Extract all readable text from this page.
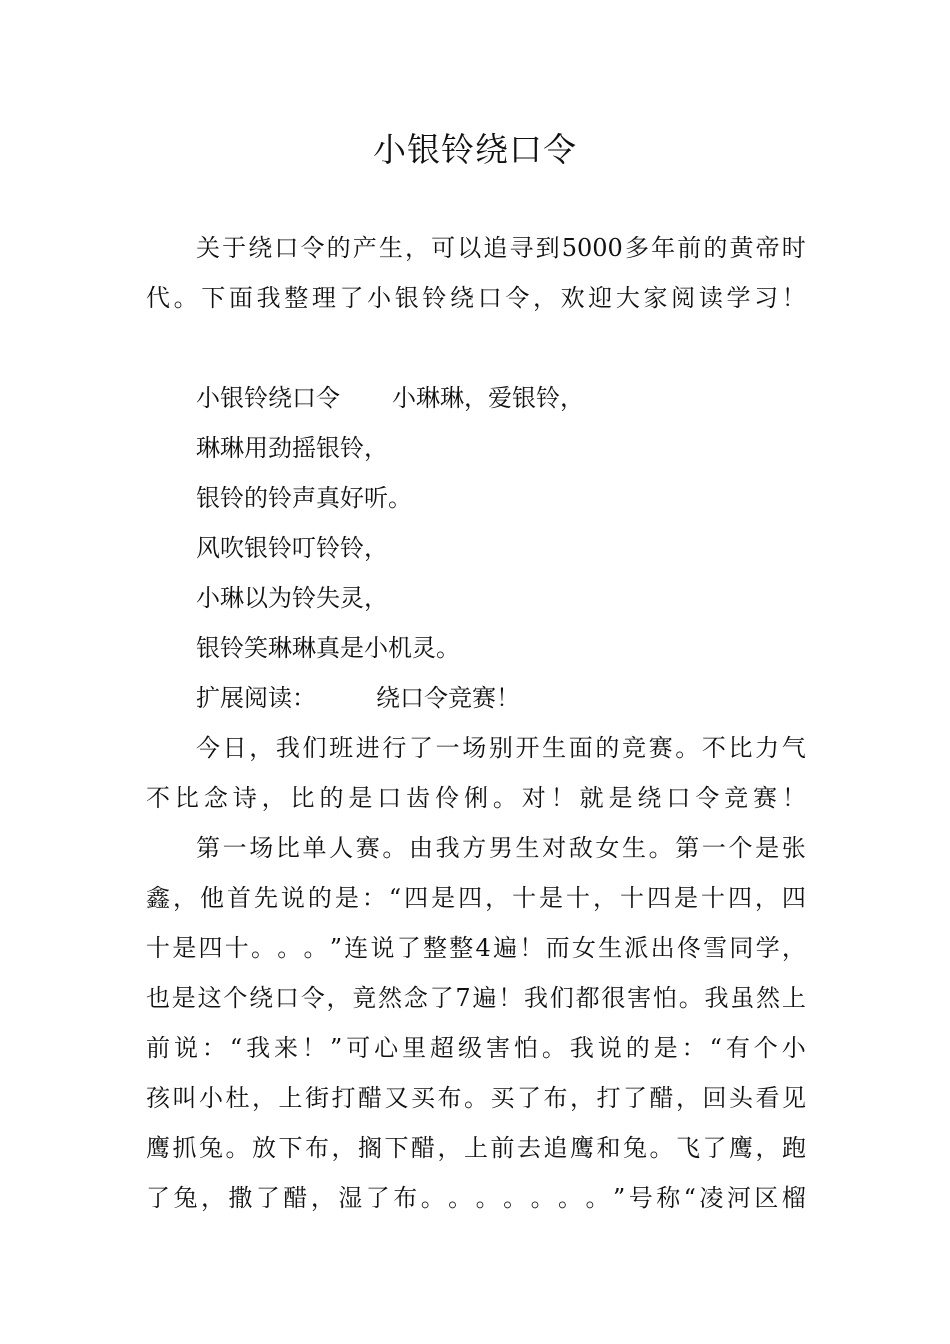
小银铃绕口令
关 于 绕 口 令 的 产 生 ， 可 以 追 寻 到 5000 多 年 前 的 黄 帝 时
代 。 下 面 我 整 理 了 小 银 铃 绕 口 令 ， 欢 迎 大 家 阅 读 学 习 ！
小银铃绕口令 小琳琳，爱银铃，
琳琳用劲摇银铃，
银铃的铃声真好听。
风吹银铃叮铃铃，
小琳以为铃失灵，
银铃笑琳琳真是小机灵。
扩展阅读：	绕口令竞赛！
今 日 ， 我 们 班 进 行 了 一 场 别 开 生 面 的 竞 赛 。 不 比 力 气
不 比 念 诗 ， 比 的 是 口 齿 伶 俐 。 对 ！ 就 是 绕 口 令 竞 赛 ！
第 一 场 比 单 人 赛 。 由 我 方 男 生 对 敌 女 生 。 第 一 个 是 张
鑫 ， 他 首 先 说 的 是 ： “ 四 是 四 ， 十 是 十 ， 十 四 是 十 四 ， 四
十 是 四 十 。 。 。 ” 连 说 了 整 整 4 遍 ！ 而 女 生 派 出 佟 雪 同 学 ，
也 是 这 个 绕 口 令 ， 竟 然 念 了 7 遍 ！ 我 们 都 很 害 怕 。 我 虽 然 上
前 说 ： “ 我 来 ！ ” 可 心 里 超 级 害 怕 。 我 说 的 是 ： “ 有 个 小
孩 叫 小 杜 ， 上 街 打 醋 又 买 布 。 买 了 布 ， 打 了 醋 ， 回 头 看 见
鹰 抓 兔 。 放 下 布 ， 搁 下 醋 ， 上 前 去 追 鹰 和 兔 。 飞 了 鹰 ， 跑
了 兔 ， 撒 了 醋 ， 湿 了 布 。 。 。 。 。 。 。 ” 号 称 “ 凌 河 区 榴
